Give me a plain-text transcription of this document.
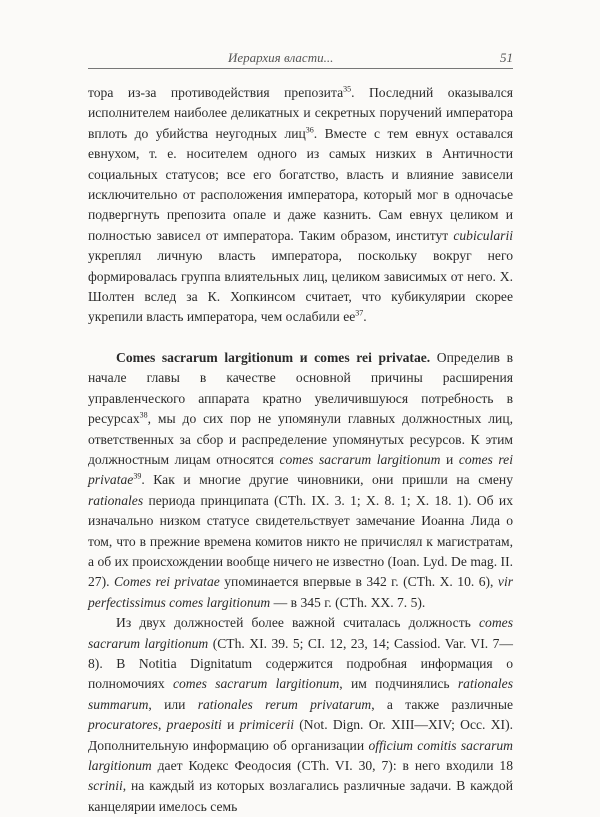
Иерархия власти...	51

тора из-за противодействия препозита$^{35}$. Последний оказывался исполнителем наиболее деликатных и секретных поручений императора вплоть до убийства неугодных лиц$^{36}$. Вместе с тем евнух оставался евнухом, т. е. носителем одного из самых низких в Античности социальных статусов; все его богатство, власть и влияние зависели исключительно от расположения императора, который мог в одночасье подвергнуть препозита опале и даже казнить. Сам евнух целиком и полностью зависел от императора. Таким образом, институт cubicularii укреплял личную власть императора, поскольку вокруг него формировалась группа влиятельных лиц, целиком зависимых от него. Х. Шолтен вслед за К. Хопкинсом считает, что кубикулярии скорее укрепили власть императора, чем ослабили $ее^{37}$.

Comes sacrarum largitionum и comes rei privatae. Определив в начале главы в качестве основной причины расширения управленческого аппарата кратно увеличившуюся потребность в ресурсах$^{38}$, мы до сих пор не упомянули главных должностных лиц, ответственных за сбор и распределение упомянутых ресурсов. К этим должностным лицам относятся comes sacrarum largitionum и comes rei privatae$^{39}$. Как и многие другие чиновники, они пришли на смену rationales периода принципата (CTh. IX. 3. 1; X. 8. 1; X. 18. 1). Об их изначально низком статусе свидетельствует замечание Иоанна Лида о том, что в прежние времена комитов никто не причислял к магистратам, а об их происхождении вообще ничего не известно (Ioan. Lyd. De mag. II. 27). Comes rei privatae упоминается впервые в 342 г. (CTh. X. 10. 6), vir perfectissimus comes largitionum — в 345 г. (CTh. XX. 7. 5).

Из двух должностей более важной считалась должность comes sacrarum largitionum (CTh. XI. 39. 5; CI. 12, 23, 14; Cassiod. Var. VI. 7—8). В Notitia Dignitatum содержится подробная информация о полномочиях comes sacrarum largitionum, им подчинялись rationales summarum, или rationales rerum privatarum, а также различные procuratores, praepositi и primicerii (Not. Dign. Or. XIII—XIV; Occ. XI). Дополнительную информацию об организации officium comitis sacrarum largitionum дает Кодекс Феодосия (CTh. VI. 30, 7): в него входили 18 scrinii, на каждый из которых возлагались различные задачи. В каждой канцелярии имелось семь
